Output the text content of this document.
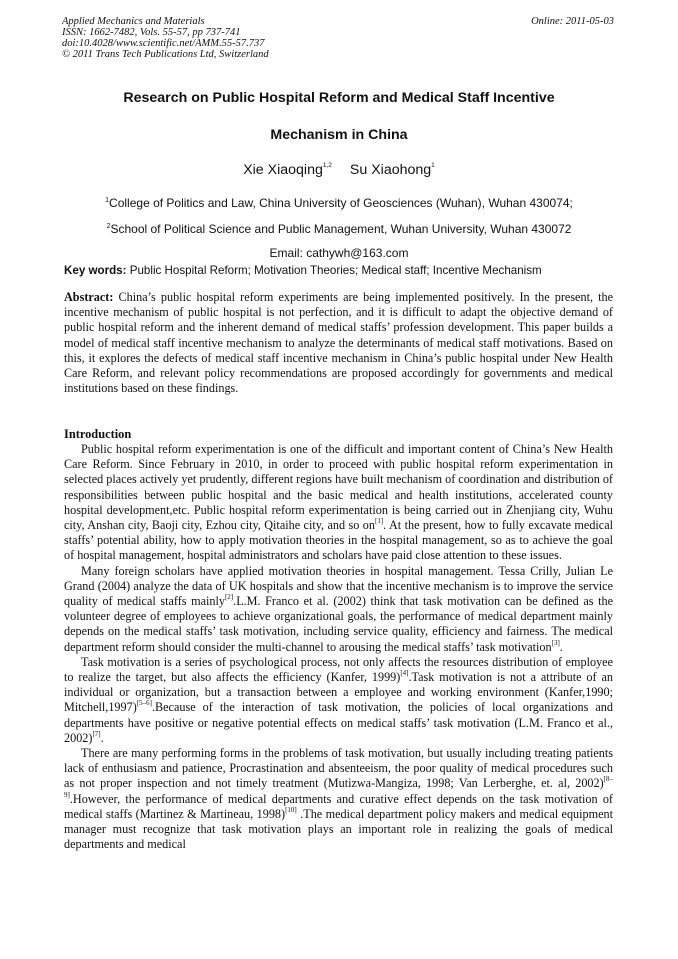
Applied Mechanics and Materials
ISSN: 1662-7482, Vols. 55-57, pp 737-741
doi:10.4028/www.scientific.net/AMM.55-57.737
© 2011 Trans Tech Publications Ltd, Switzerland
Online: 2011-05-03
Research on Public Hospital Reform and Medical Staff Incentive
Mechanism in China
Xie Xiaoqing$^{1,2}$ Su Xiaohong$^1$
$^1$College of Politics and Law, China University of Geosciences (Wuhan), Wuhan 430074;
$^2$School of Political Science and Public Management, Wuhan University, Wuhan 430072
Email: cathywh@163.com
Key words: Public Hospital Reform; Motivation Theories; Medical staff; Incentive Mechanism
Abstract: China’s public hospital reform experiments are being implemented positively. In the present, the incentive mechanism of public hospital is not perfection, and it is difficult to adapt the objective demand of public hospital reform and the inherent demand of medical staffs’ profession development. This paper builds a model of medical staff incentive mechanism to analyze the determinants of medical staff motivations. Based on this, it explores the defects of medical staff incentive mechanism in China’s public hospital under New Health Care Reform, and relevant policy recommendations are proposed accordingly for governments and medical institutions based on these findings.
Introduction

Public hospital reform experimentation is one of the difficult and important content of China’s New Health Care Reform. Since February in 2010, in order to proceed with public hospital reform experimentation in selected places actively yet prudently, different regions have built mechanism of coordination and distribution of responsibilities between public hospital and the basic medical and health institutions, accelerated county hospital development,etc. Public hospital reform experimentation is being carried out in Zhenjiang city, Wuhu city, Anshan city, Baoji city, Ezhou city, Qitaihe city, and so on[1]. At the present, how to fully excavate medical staffs’ potential ability, how to apply motivation theories in the hospital management, so as to achieve the goal of hospital management, hospital administrators and scholars have paid close attention to these issues.

Many foreign scholars have applied motivation theories in hospital management. Tessa Crilly, Julian Le Grand (2004) analyze the data of UK hospitals and show that the incentive mechanism is to improve the service quality of medical staffs mainly[2].L.M. Franco et al. (2002) think that task motivation can be defined as the volunteer degree of employees to achieve organizational goals, the performance of medical department mainly depends on the medical staffs’ task motivation, including service quality, efficiency and fairness. The medical department reform should consider the multi-channel to arousing the medical staffs’ task motivation[3].

Task motivation is a series of psychological process, not only affects the resources distribution of employee to realize the target, but also affects the efficiency (Kanfer, 1999)[4].Task motivation is not a attribute of an individual or organization, but a transaction between a employee and working environment (Kanfer,1990; Mitchell,1997)[5–6].Because of the interaction of task motivation, the policies of local organizations and departments have positive or negative potential effects on medical staffs’ task motivation (L.M. Franco et al., 2002)[7].

There are many performing forms in the problems of task motivation, but usually including treating patients lack of enthusiasm and patience, Procrastination and absenteeism, the poor quality of medical procedures such as not proper inspection and not timely treatment (Mutizwa-Mangiza, 1998; Van Lerberghe, et. al, 2002)[8–9].However, the performance of medical departments and curative effect depends on the task motivation of medical staffs (Martinez & Martineau, 1998)[10] .The medical department policy makers and medical equipment manager must recognize that task motivation plays an important role in realizing the goals of medical departments and medical
